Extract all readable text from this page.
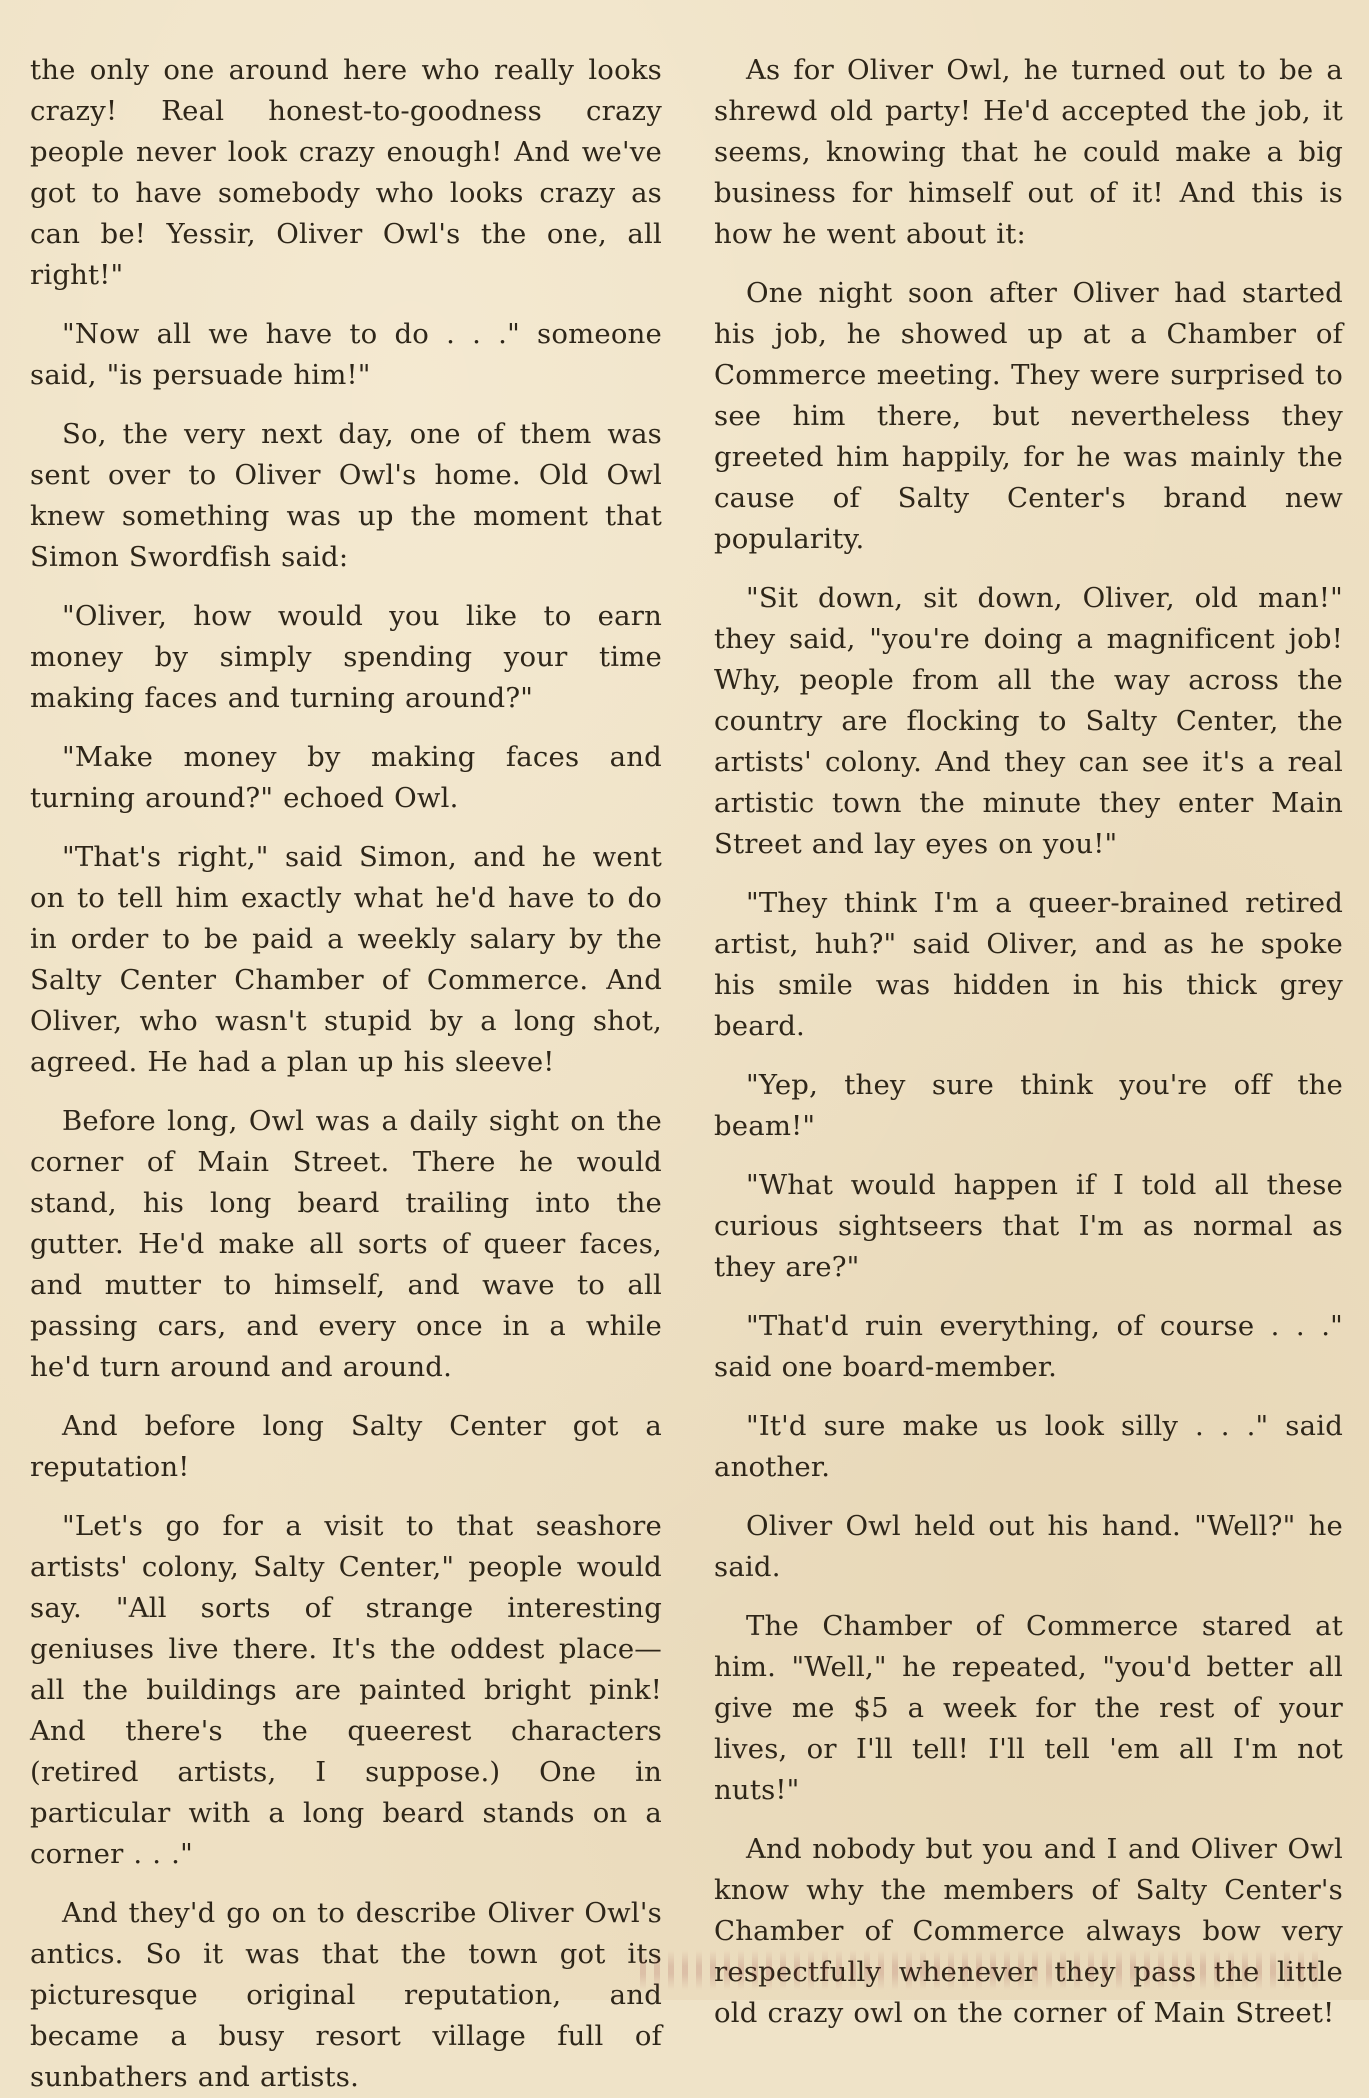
the only one around here who really looks crazy! Real honest-to-goodness crazy people never look crazy enough! And we've got to have somebody who looks crazy as can be! Yessir, Oliver Owl's the one, all right!"

"Now all we have to do . . ." someone said, "is persuade him!"

So, the very next day, one of them was sent over to Oliver Owl's home. Old Owl knew something was up the moment that Simon Swordfish said:

"Oliver, how would you like to earn money by simply spending your time making faces and turning around?"

"Make money by making faces and turning around?" echoed Owl.

"That's right," said Simon, and he went on to tell him exactly what he'd have to do in order to be paid a weekly salary by the Salty Center Chamber of Commerce. And Oliver, who wasn't stupid by a long shot, agreed. He had a plan up his sleeve!

Before long, Owl was a daily sight on the corner of Main Street. There he would stand, his long beard trailing into the gutter. He'd make all sorts of queer faces, and mutter to himself, and wave to all passing cars, and every once in a while he'd turn around and around.

And before long Salty Center got a reputation!

"Let's go for a visit to that seashore artists' colony, Salty Center," people would say. "All sorts of strange interesting geniuses live there. It's the oddest place—all the buildings are painted bright pink! And there's the queerest characters (retired artists, I suppose.) One in particular with a long beard stands on a corner . . ."

And they'd go on to describe Oliver Owl's antics. So it was that the town got its picturesque original reputation, and became a busy resort village full of sunbathers and artists.

As for Oliver Owl, he turned out to be a shrewd old party! He'd accepted the job, it seems, knowing that he could make a big business for himself out of it! And this is how he went about it:

One night soon after Oliver had started his job, he showed up at a Chamber of Commerce meeting. They were surprised to see him there, but nevertheless they greeted him happily, for he was mainly the cause of Salty Center's brand new popularity.

"Sit down, sit down, Oliver, old man!" they said, "you're doing a magnificent job! Why, people from all the way across the country are flocking to Salty Center, the artists' colony. And they can see it's a real artistic town the minute they enter Main Street and lay eyes on you!"

"They think I'm a queer-brained retired artist, huh?" said Oliver, and as he spoke his smile was hidden in his thick grey beard.

"Yep, they sure think you're off the beam!"

"What would happen if I told all these curious sightseers that I'm as normal as they are?"

"That'd ruin everything, of course . . ." said one board-member.

"It'd sure make us look silly . . ." said another.

Oliver Owl held out his hand. "Well?" he said.

The Chamber of Commerce stared at him. "Well," he repeated, "you'd better all give me $5 a week for the rest of your lives, or I'll tell! I'll tell 'em all I'm not nuts!"

And nobody but you and I and Oliver Owl know why the members of Salty Center's Chamber of Commerce always bow very respectfully whenever they pass the little old crazy owl on the corner of Main Street!
